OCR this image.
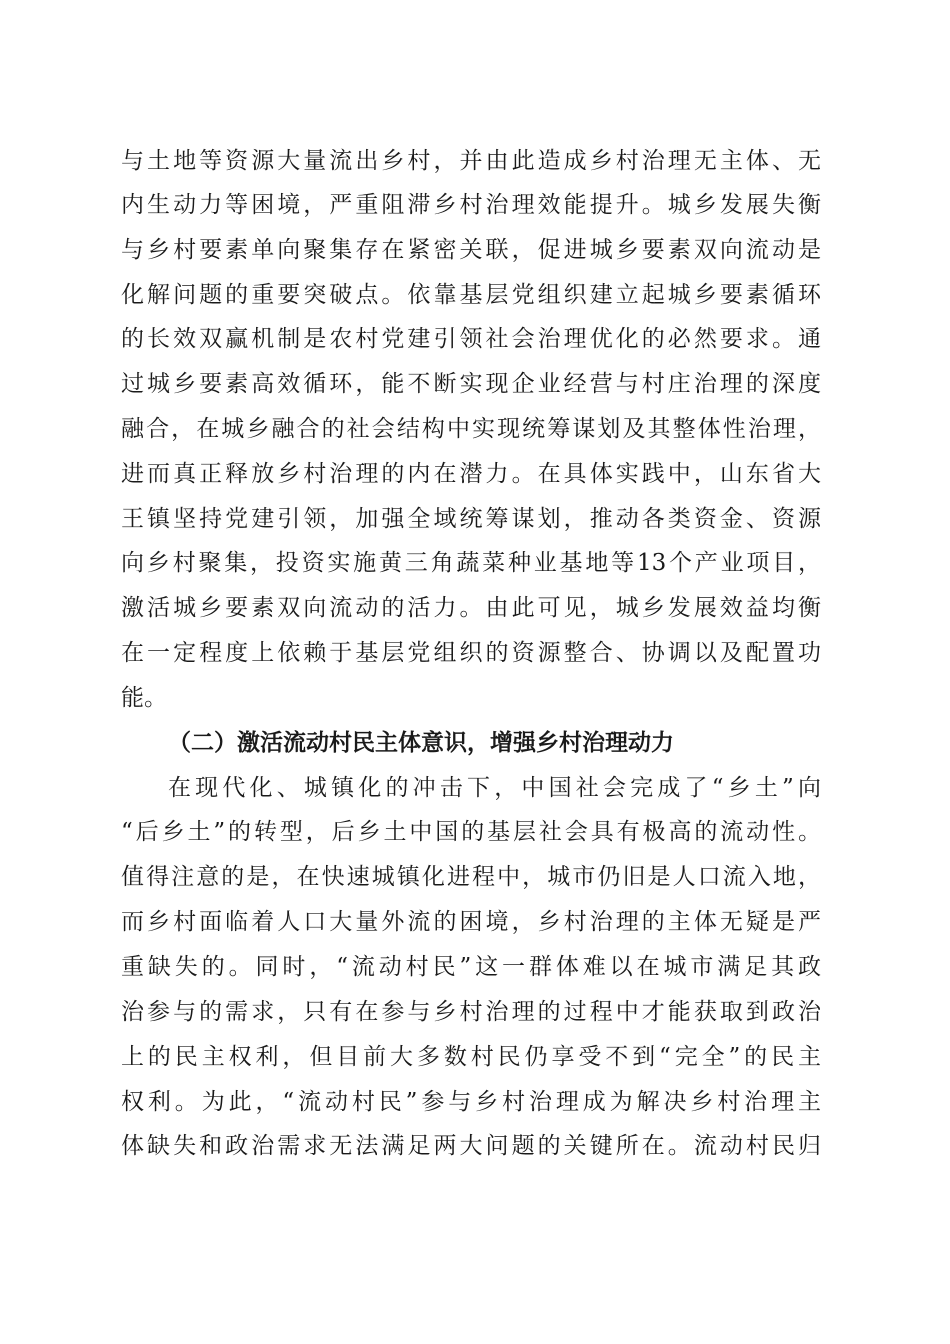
与土地等资源大量流出乡村，并由此造成乡村治理无主体、无
内生动力等困境，严重阻滞乡村治理效能提升。城乡发展失衡
与乡村要素单向聚集存在紧密关联，促进城乡要素双向流动是
化解问题的重要突破点。依靠基层党组织建立起城乡要素循环
的长效双赢机制是农村党建引领社会治理优化的必然要求。通
过城乡要素高效循环，能不断实现企业经营与村庄治理的深度
融合，在城乡融合的社会结构中实现统筹谋划及其整体性治理，
进而真正释放乡村治理的内在潜力。在具体实践中，山东省大
王镇坚持党建引领，加强全域统筹谋划，推动各类资金、资源
向乡村聚集，投资实施黄三角蔬菜种业基地等13个产业项目，
激活城乡要素双向流动的活力。由此可见，城乡发展效益均衡
在一定程度上依赖于基层党组织的资源整合、协调以及配置功
能。
（二）激活流动村民主体意识，增强乡村治理动力
在现代化、城镇化的冲击下，中国社会完成了“乡土”向
“后乡土”的转型，后乡土中国的基层社会具有极高的流动性。
值得注意的是，在快速城镇化进程中，城市仍旧是人口流入地，
而乡村面临着人口大量外流的困境，乡村治理的主体无疑是严
重缺失的。同时，“流动村民”这一群体难以在城市满足其政
治参与的需求，只有在参与乡村治理的过程中才能获取到政治
上的民主权利，但目前大多数村民仍享受不到“完全”的民主
权利。为此，“流动村民”参与乡村治理成为解决乡村治理主
体缺失和政治需求无法满足两大问题的关键所在。流动村民归
